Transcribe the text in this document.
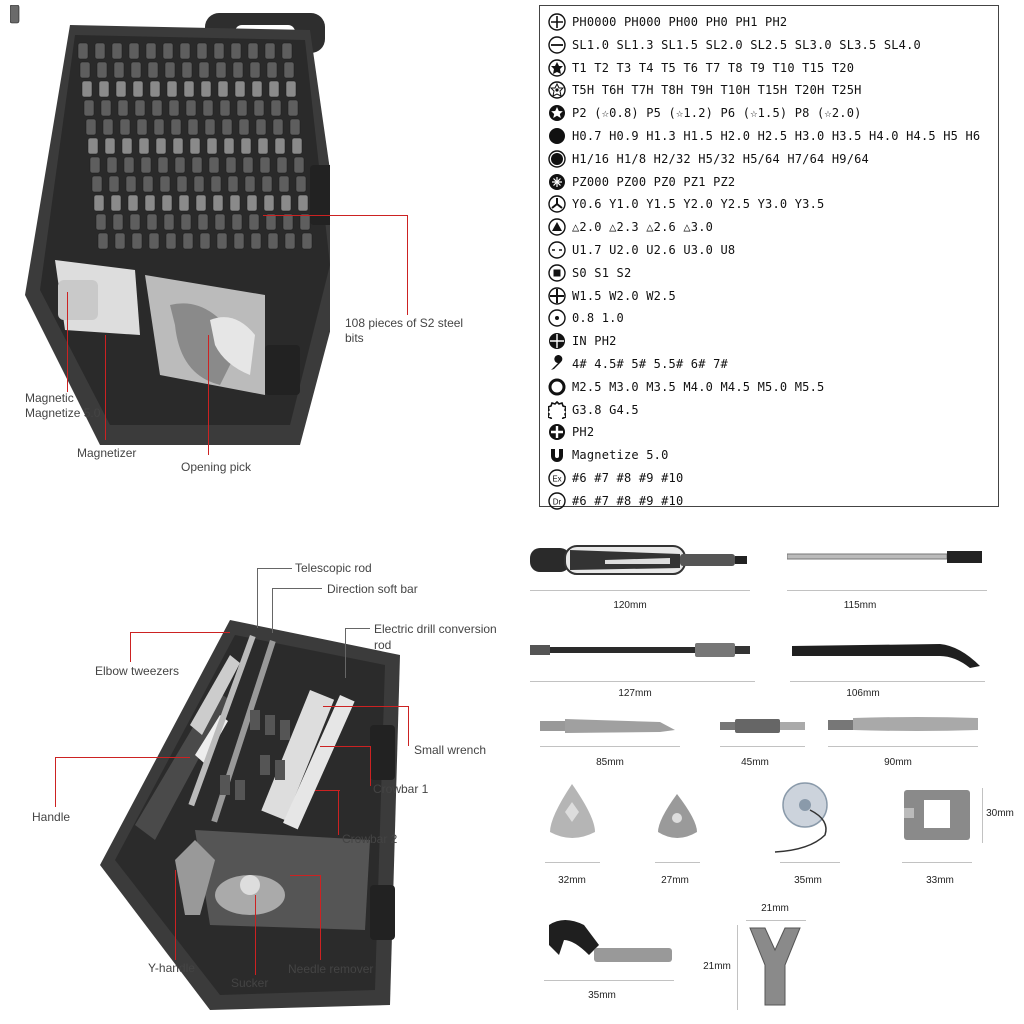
108 pieces of S2 steel
bits
Magnetic
Magnetize 5.0
Magnetizer
Opening pick
PH0000 PH000 PH00 PH0 PH1 PH2
SL1.0 SL1.3 SL1.5 SL2.0 SL2.5 SL3.0 SL3.5 SL4.0
T1 T2 T3 T4 T5 T6 T7 T8 T9 T10 T15 T20
T5H T6H T7H T8H T9H T10H T15H T20H T25H
P2 (☆0.8) P5 (☆1.2) P6 (☆1.5) P8 (☆2.0)
H0.7 H0.9 H1.3 H1.5 H2.0 H2.5 H3.0 H3.5 H4.0 H4.5 H5 H6
H1/16 H1/8 H2/32 H5/32 H5/64 H7/64 H9/64
PZ000 PZ00 PZ0 PZ1 PZ2
Y0.6 Y1.0 Y1.5 Y2.0 Y2.5 Y3.0 Y3.5
△2.0 △2.3 △2.6 △3.0
U1.7 U2.0 U2.6 U3.0 U8
S0 S1 S2
W1.5 W2.0 W2.5
0.8 1.0
IN PH2
4# 4.5# 5# 5.5# 6# 7#
M2.5 M3.0 M3.5 M4.0 M4.5 M5.0 M5.5
G3.8 G4.5
PH2
Magnetize 5.0
Ex #6 #7 #8 #9 #10
Dr #6 #7 #8 #9 #10
Telescopic rod
Direction soft bar
Electric drill conversion
rod
Elbow tweezers
Small wrench
Handle
Crowbar 1
Crowbar 2
Y-handle
Sucker
Needle remover
120mm	115mm
127mm	106mm
85mm	45mm	90mm
32mm	27mm	35mm	33mm
30mm
35mm
21mm
21mm
